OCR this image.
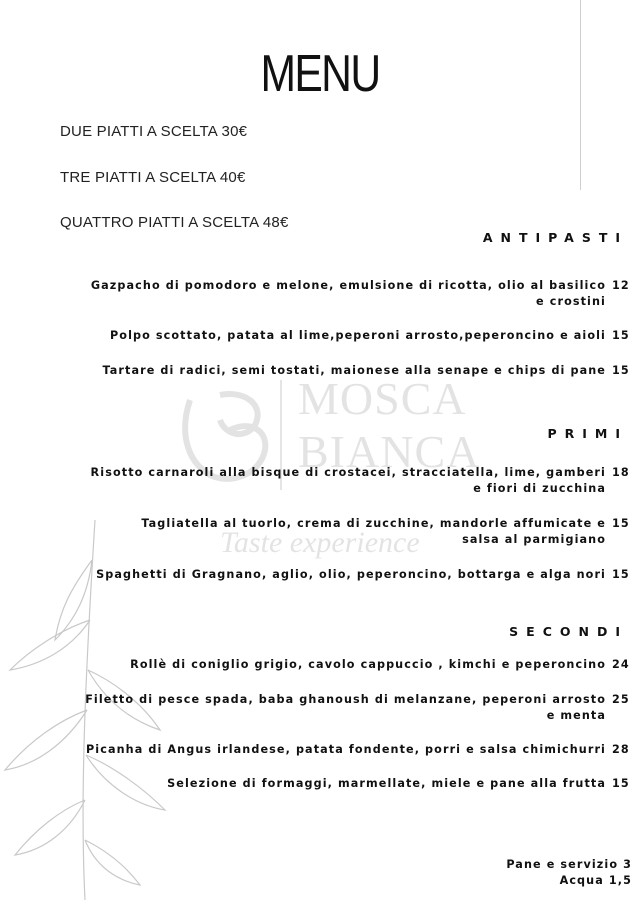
MOSCA
BIANCA
Taste experience
MENU
DUE PIATTI A SCELTA 30€
TRE PIATTI A SCELTA 40€
QUATTRO PIATTI A SCELTA 48€
ANTIPASTI
Gazpacho di pomodoro e melone, emulsione di ricotta, olio al basilico
e crostini
12
Polpo scottato, patata al lime,peperoni arrosto,peperoncino e aioli 15
Tartare di radici, semi tostati, maionese alla senape e chips di pane 15
PRIMI
Risotto carnaroli alla bisque di crostacei, stracciatella, lime, gamberi
e fiori di zucchina
18
Tagliatella al tuorlo, crema di zucchine, mandorle affumicate e
salsa al parmigiano
15
Spaghetti di Gragnano, aglio, olio, peperoncino, bottarga e alga nori 15
SECONDI
Rollè di coniglio grigio, cavolo cappuccio , kimchi e peperoncino 24
Filetto di pesce spada, baba ghanoush di melanzane, peperoni arrosto
e menta
25
Picanha di Angus irlandese, patata fondente, porri e salsa chimichurri 28
Selezione di formaggi, marmellate, miele e pane alla frutta 15
Pane e servizio 3
Acqua 1,5
